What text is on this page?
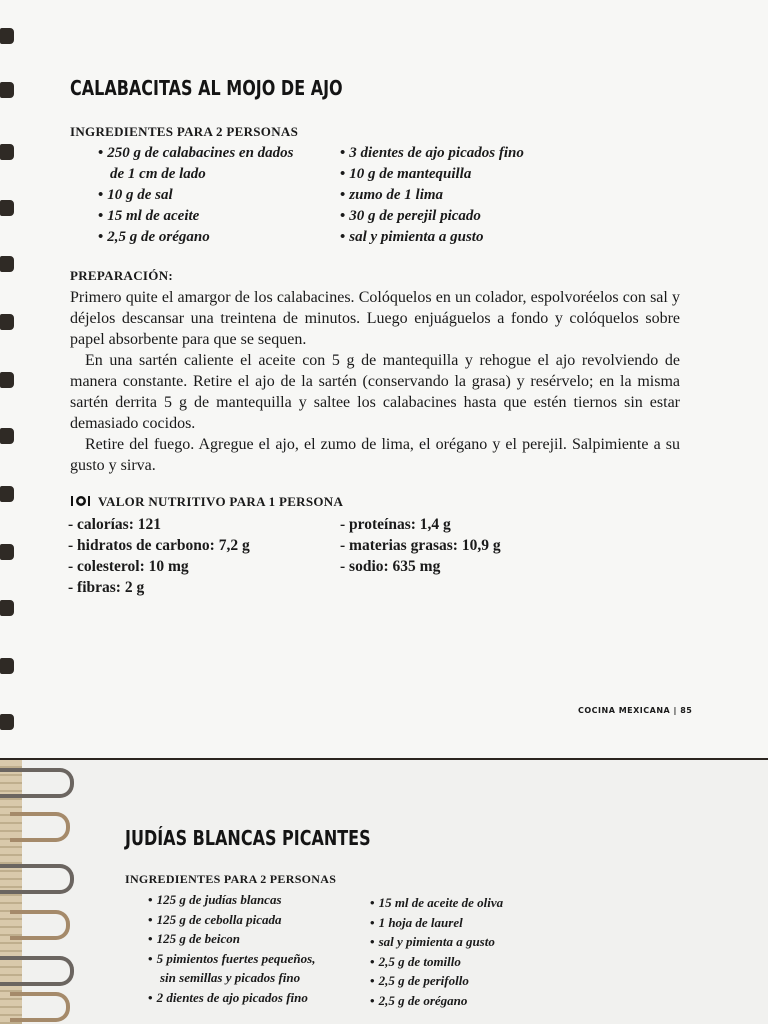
CALABACITAS AL MOJO DE AJO
INGREDIENTES PARA 2 PERSONAS
• 250 g de calabacines en dados
de 1 cm de lado
• 10 g de sal
• 15 ml de aceite
• 2,5 g de orégano
• 3 dientes de ajo picados fino
• 10 g de mantequilla
• zumo de 1 lima
• 30 g de perejil picado
• sal y pimienta a gusto
PREPARACIÓN:

Primero quite el amargor de los calabacines. Colóquelos en un colador, espolvoréelos con sal y déjelos descansar una treintena de minutos. Luego enjuáguelos a fondo y colóquelos sobre papel absorbente para que se sequen.

En una sartén caliente el aceite con 5 g de mantequilla y rehogue el ajo revolviendo de manera constante. Retire el ajo de la sartén (conservando la grasa) y resérvelo; en la misma sartén derrita 5 g de mantequilla y saltee los calabacines hasta que estén tiernos sin estar demasiado cocidos.

Retire del fuego. Agregue el ajo, el zumo de lima, el orégano y el perejil. Salpimiente a su gusto y sirva.

VALOR NUTRITIVO PARA 1 PERSONA
- calorías: 121
- hidratos de carbono: 7,2 g
- colesterol: 10 mg
- fibras: 2 g
- proteínas: 1,4 g
- materias grasas: 10,9 g
- sodio: 635 mg
COCINA MEXICANA | 85
JUDÍAS BLANCAS PICANTES
INGREDIENTES PARA 2 PERSONAS
• 125 g de judías blancas
• 125 g de cebolla picada
• 125 g de beicon
• 5 pimientos fuertes pequeños,
sin semillas y picados fino
• 2 dientes de ajo picados fino
• 15 ml de aceite de oliva
• 1 hoja de laurel
• sal y pimienta a gusto
• 2,5 g de tomillo
• 2,5 g de perifollo
• 2,5 g de orégano
